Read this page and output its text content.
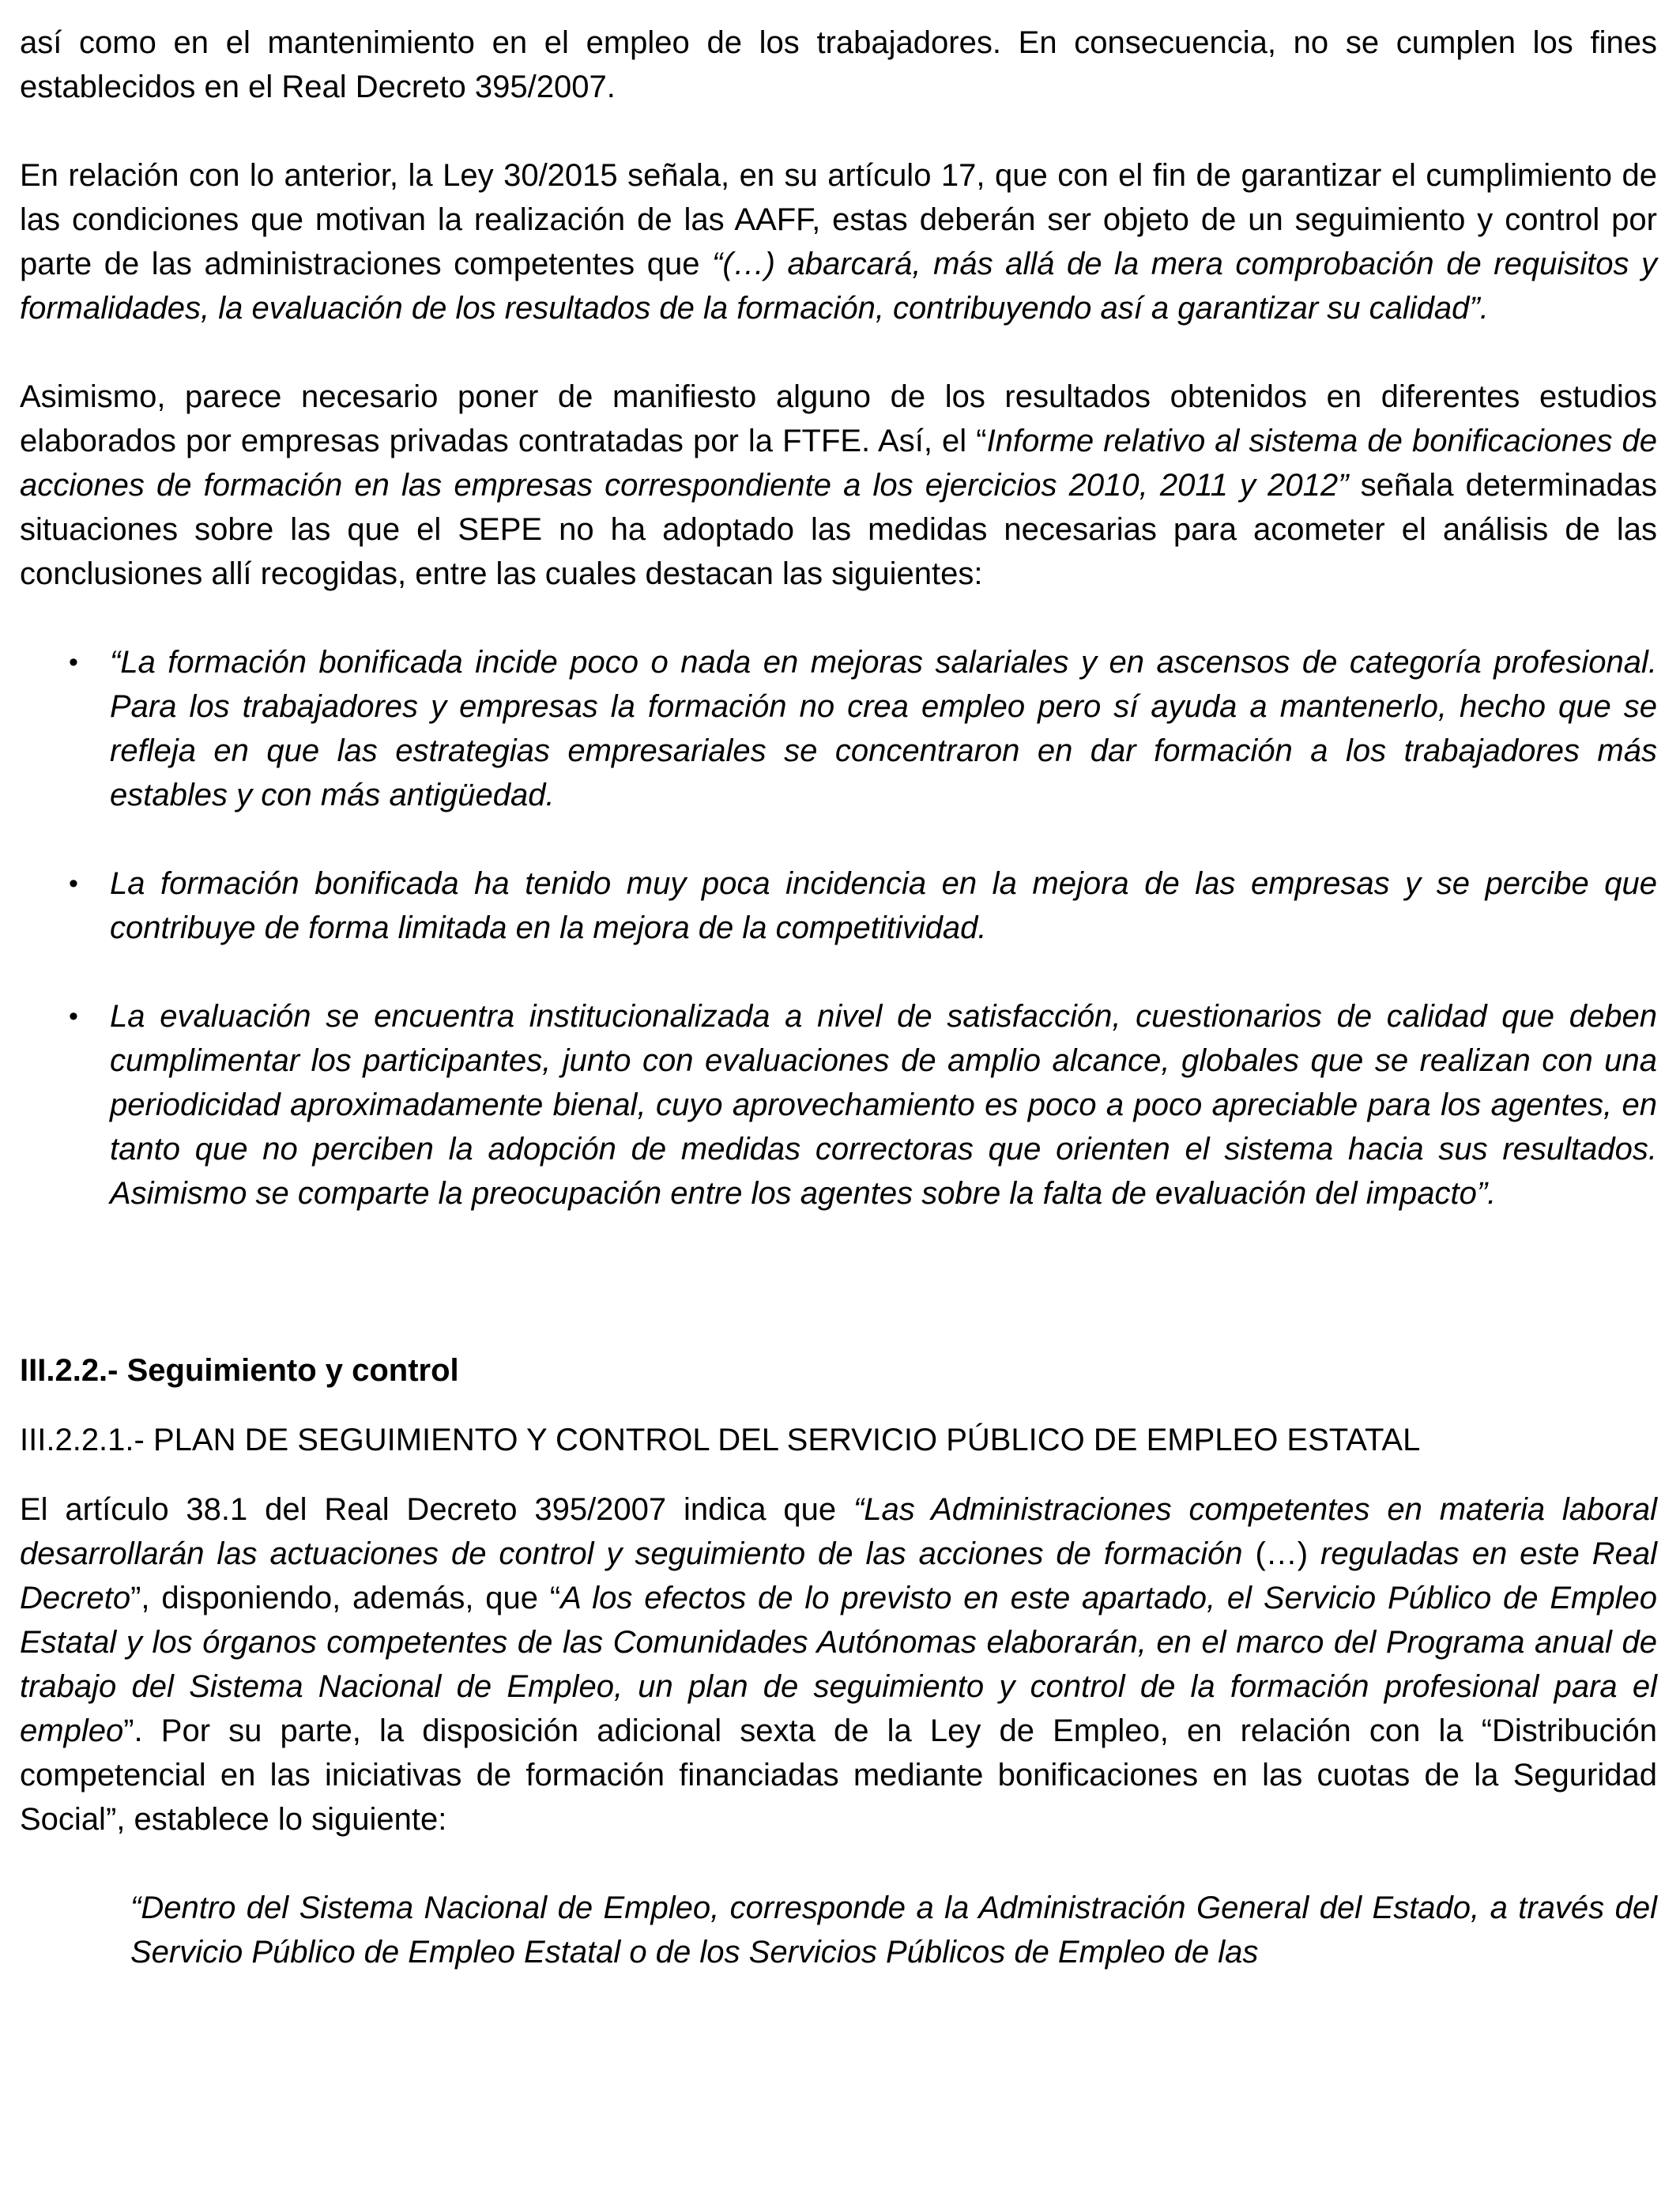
así como en el mantenimiento en el empleo de los trabajadores. En consecuencia, no se cumplen los fines establecidos en el Real Decreto 395/2007.

En relación con lo anterior, la Ley 30/2015 señala, en su artículo 17, que con el fin de garantizar el cumplimiento de las condiciones que motivan la realización de las AAFF, estas deberán ser objeto de un seguimiento y control por parte de las administraciones competentes que “(…) abarcará, más allá de la mera comprobación de requisitos y formalidades, la evaluación de los resultados de la formación, contribuyendo así a garantizar su calidad”.

Asimismo, parece necesario poner de manifiesto alguno de los resultados obtenidos en diferentes estudios elaborados por empresas privadas contratadas por la FTFE. Así, el “Informe relativo al sistema de bonificaciones de acciones de formación en las empresas correspondiente a los ejercicios 2010, 2011 y 2012” señala determinadas situaciones sobre las que el SEPE no ha adoptado las medidas necesarias para acometer el análisis de las conclusiones allí recogidas, entre las cuales destacan las siguientes:

• “La formación bonificada incide poco o nada en mejoras salariales y en ascensos de categoría profesional. Para los trabajadores y empresas la formación no crea empleo pero sí ayuda a mantenerlo, hecho que se refleja en que las estrategias empresariales se concentraron en dar formación a los trabajadores más estables y con más antigüedad.
• La formación bonificada ha tenido muy poca incidencia en la mejora de las empresas y se percibe que contribuye de forma limitada en la mejora de la competitividad.
• La evaluación se encuentra institucionalizada a nivel de satisfacción, cuestionarios de calidad que deben cumplimentar los participantes, junto con evaluaciones de amplio alcance, globales que se realizan con una periodicidad aproximadamente bienal, cuyo aprovechamiento es poco a poco apreciable para los agentes, en tanto que no perciben la adopción de medidas correctoras que orienten el sistema hacia sus resultados. Asimismo se comparte la preocupación entre los agentes sobre la falta de evaluación del impacto”.

III.2.2.- Seguimiento y control

III.2.2.1.- PLAN DE SEGUIMIENTO Y CONTROL DEL SERVICIO PÚBLICO DE EMPLEO ESTATAL

El artículo 38.1 del Real Decreto 395/2007 indica que “Las Administraciones competentes en materia laboral desarrollarán las actuaciones de control y seguimiento de las acciones de formación (…) reguladas en este Real Decreto”, disponiendo, además, que “A los efectos de lo previsto en este apartado, el Servicio Público de Empleo Estatal y los órganos competentes de las Comunidades Autónomas elaborarán, en el marco del Programa anual de trabajo del Sistema Nacional de Empleo, un plan de seguimiento y control de la formación profesional para el empleo”. Por su parte, la disposición adicional sexta de la Ley de Empleo, en relación con la “Distribución competencial en las iniciativas de formación financiadas mediante bonificaciones en las cuotas de la Seguridad Social”, establece lo siguiente:

“Dentro del Sistema Nacional de Empleo, corresponde a la Administración General del Estado, a través del Servicio Público de Empleo Estatal o de los Servicios Públicos de Empleo de las
